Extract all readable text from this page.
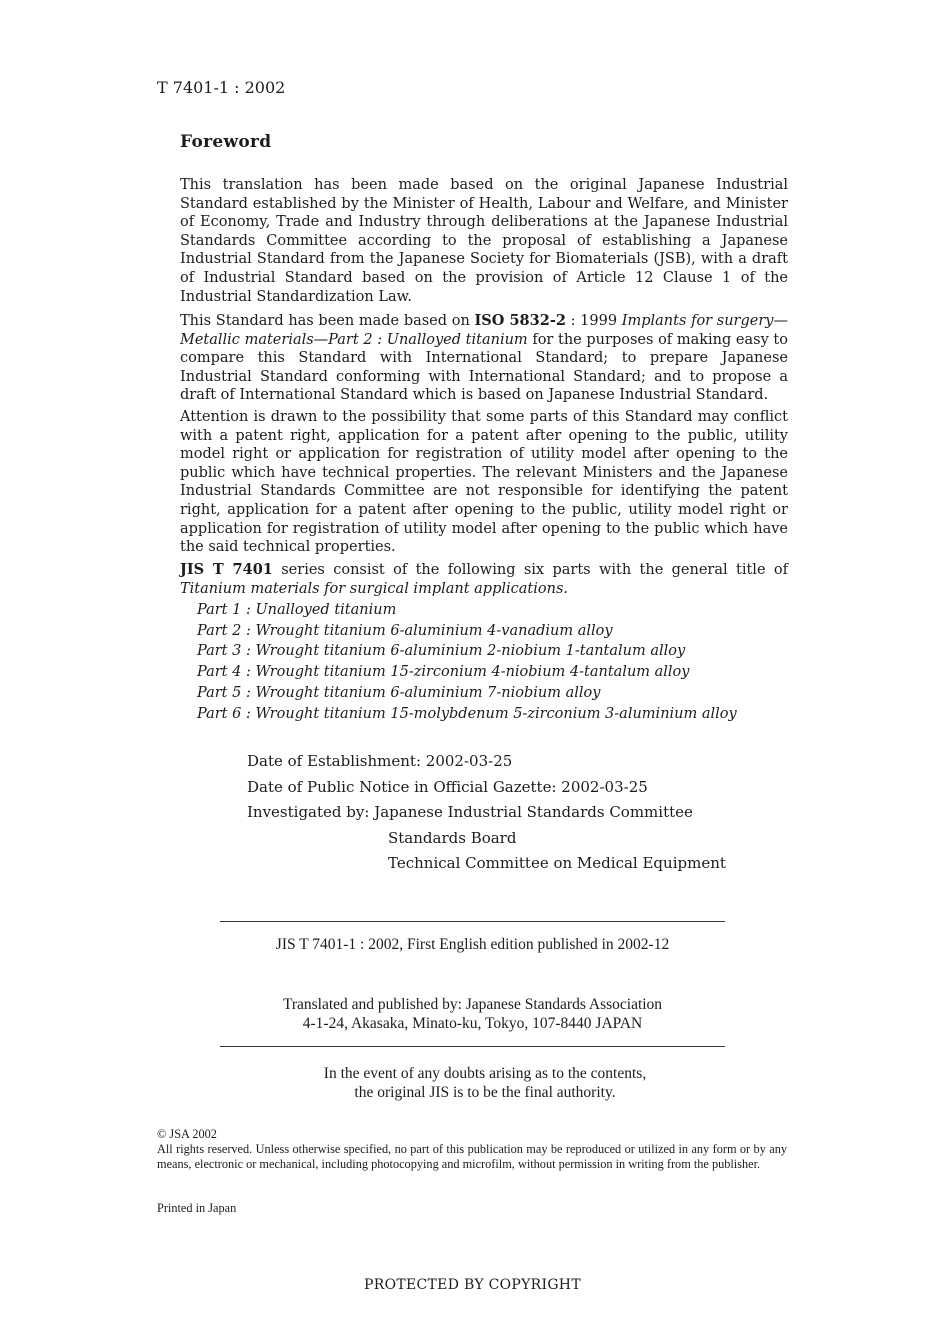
T 7401-1 : 2002
Foreword
This translation has been made based on the original Japanese Industrial Standard established by the Minister of Health, Labour and Welfare, and Minister of Economy, Trade and Industry through deliberations at the Japanese Industrial Standards Committee according to the proposal of establishing a Japanese Industrial Standard from the Japanese Society for Biomaterials (JSB), with a draft of Industrial Standard based on the provision of Article 12 Clause 1 of the Industrial Standardization Law.
This Standard has been made based on ISO 5832-2 : 1999 Implants for surgery—Metallic materials—Part 2 : Unalloyed titanium for the purposes of making easy to compare this Standard with International Standard; to prepare Japanese Industrial Standard conforming with International Standard; and to propose a draft of International Standard which is based on Japanese Industrial Standard.
Attention is drawn to the possibility that some parts of this Standard may conflict with a patent right, application for a patent after opening to the public, utility model right or application for registration of utility model after opening to the public which have technical properties. The relevant Ministers and the Japanese Industrial Standards Committee are not responsible for identifying the patent right, application for a patent after opening to the public, utility model right or application for registration of utility model after opening to the public which have the said technical properties.
JIS T 7401 series consist of the following six parts with the general title of Titanium materials for surgical implant applications.
Part 1 : Unalloyed titanium
Part 2 : Wrought titanium 6-aluminium 4-vanadium alloy
Part 3 : Wrought titanium 6-aluminium 2-niobium 1-tantalum alloy
Part 4 : Wrought titanium 15-zirconium 4-niobium 4-tantalum alloy
Part 5 : Wrought titanium 6-aluminium 7-niobium alloy
Part 6 : Wrought titanium 15-molybdenum 5-zirconium 3-aluminium alloy
Date of Establishment: 2002-03-25
Date of Public Notice in Official Gazette: 2002-03-25
Investigated by: Japanese Industrial Standards Committee
Standards Board
Technical Committee on Medical Equipment
JIS T 7401-1 : 2002, First English edition published in 2002-12
Translated and published by: Japanese Standards Association
4-1-24, Akasaka, Minato-ku, Tokyo, 107-8440 JAPAN
In the event of any doubts arising as to the contents,
the original JIS is to be the final authority.
© JSA 2002
All rights reserved. Unless otherwise specified, no part of this publication may be reproduced or utilized in any form or by any means, electronic or mechanical, including photocopying and microfilm, without permission in writing from the publisher.
Printed in Japan
PROTECTED BY COPYRIGHT
